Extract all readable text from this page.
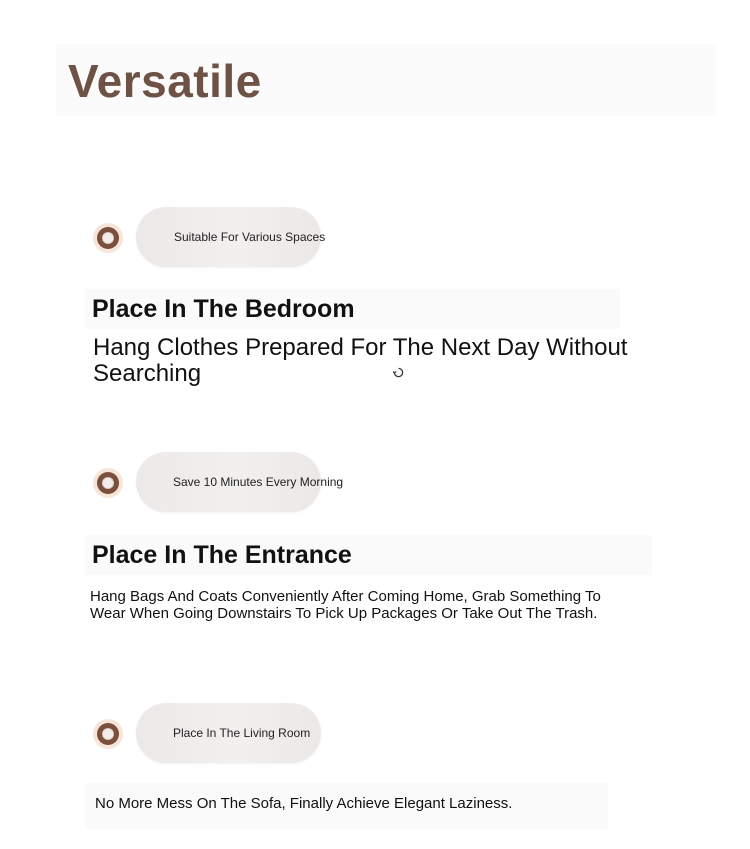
Versatile
Suitable For Various Spaces
Place In The Bedroom

Hang Clothes Prepared For The Next Day Without Searching

Save 10 Minutes Every Morning
Place In The Entrance

Hang Bags And Coats Conveniently After Coming Home, Grab Something To Wear When Going Downstairs To Pick Up Packages Or Take Out The Trash.

Place In The Living Room

No More Mess On The Sofa, Finally Achieve Elegant Laziness.
